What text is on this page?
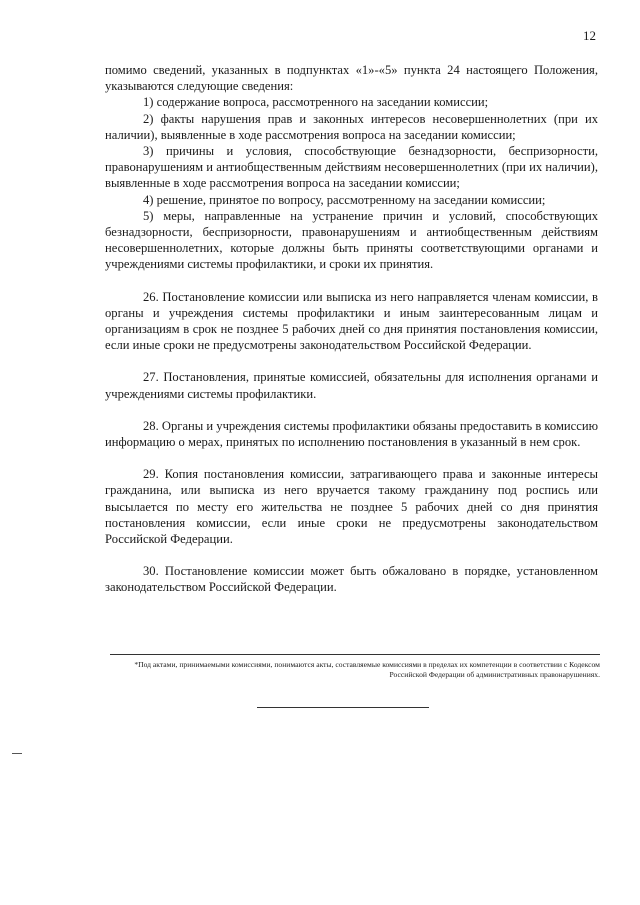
12

помимо сведений, указанных в подпунктах «1»-«5» пункта 24 настоящего Положения, указываются следующие сведения:

1) содержание вопроса, рассмотренного на заседании комиссии;

2) факты нарушения прав и законных интересов несовершеннолетних (при их наличии), выявленные в ходе рассмотрения вопроса на заседании комиссии;

3) причины и условия, способствующие безнадзорности, беспризорности, правонарушениям и антиобщественным действиям несовершеннолетних (при их наличии), выявленные в ходе рассмотрения вопроса на заседании комиссии;

4) решение, принятое по вопросу, рассмотренному на заседании комиссии;

5) меры, направленные на устранение причин и условий, способствующих безнадзорности, беспризорности, правонарушениям и антиобщественным действиям несовершеннолетних, которые должны быть приняты соответствующими органами и учреждениями системы профилактики, и сроки их принятия.

26. Постановление комиссии или выписка из него направляется членам комиссии, в органы и учреждения системы профилактики и иным заинтересованным лицам и организациям в срок не позднее 5 рабочих дней со дня принятия постановления комиссии, если иные сроки не предусмотрены законодательством Российской Федерации.

27. Постановления, принятые комиссией, обязательны для исполнения органами и учреждениями системы профилактики.

28. Органы и учреждения системы профилактики обязаны предоставить в комиссию информацию о мерах, принятых по исполнению постановления в указанный в нем срок.

29. Копия постановления комиссии, затрагивающего права и законные интересы гражданина, или выписка из него вручается такому гражданину под роспись или высылается по месту его жительства не позднее 5 рабочих дней со дня принятия постановления комиссии, если иные сроки не предусмотрены законодательством Российской Федерации.

30. Постановление комиссии может быть обжаловано в порядке, установленном законодательством Российской Федерации.

*Под актами, принимаемыми комиссиями, понимаются акты, составляемые комиссиями в пределах их компетенции в соответствии с Кодексом Российской Федерации об административных правонарушениях.
